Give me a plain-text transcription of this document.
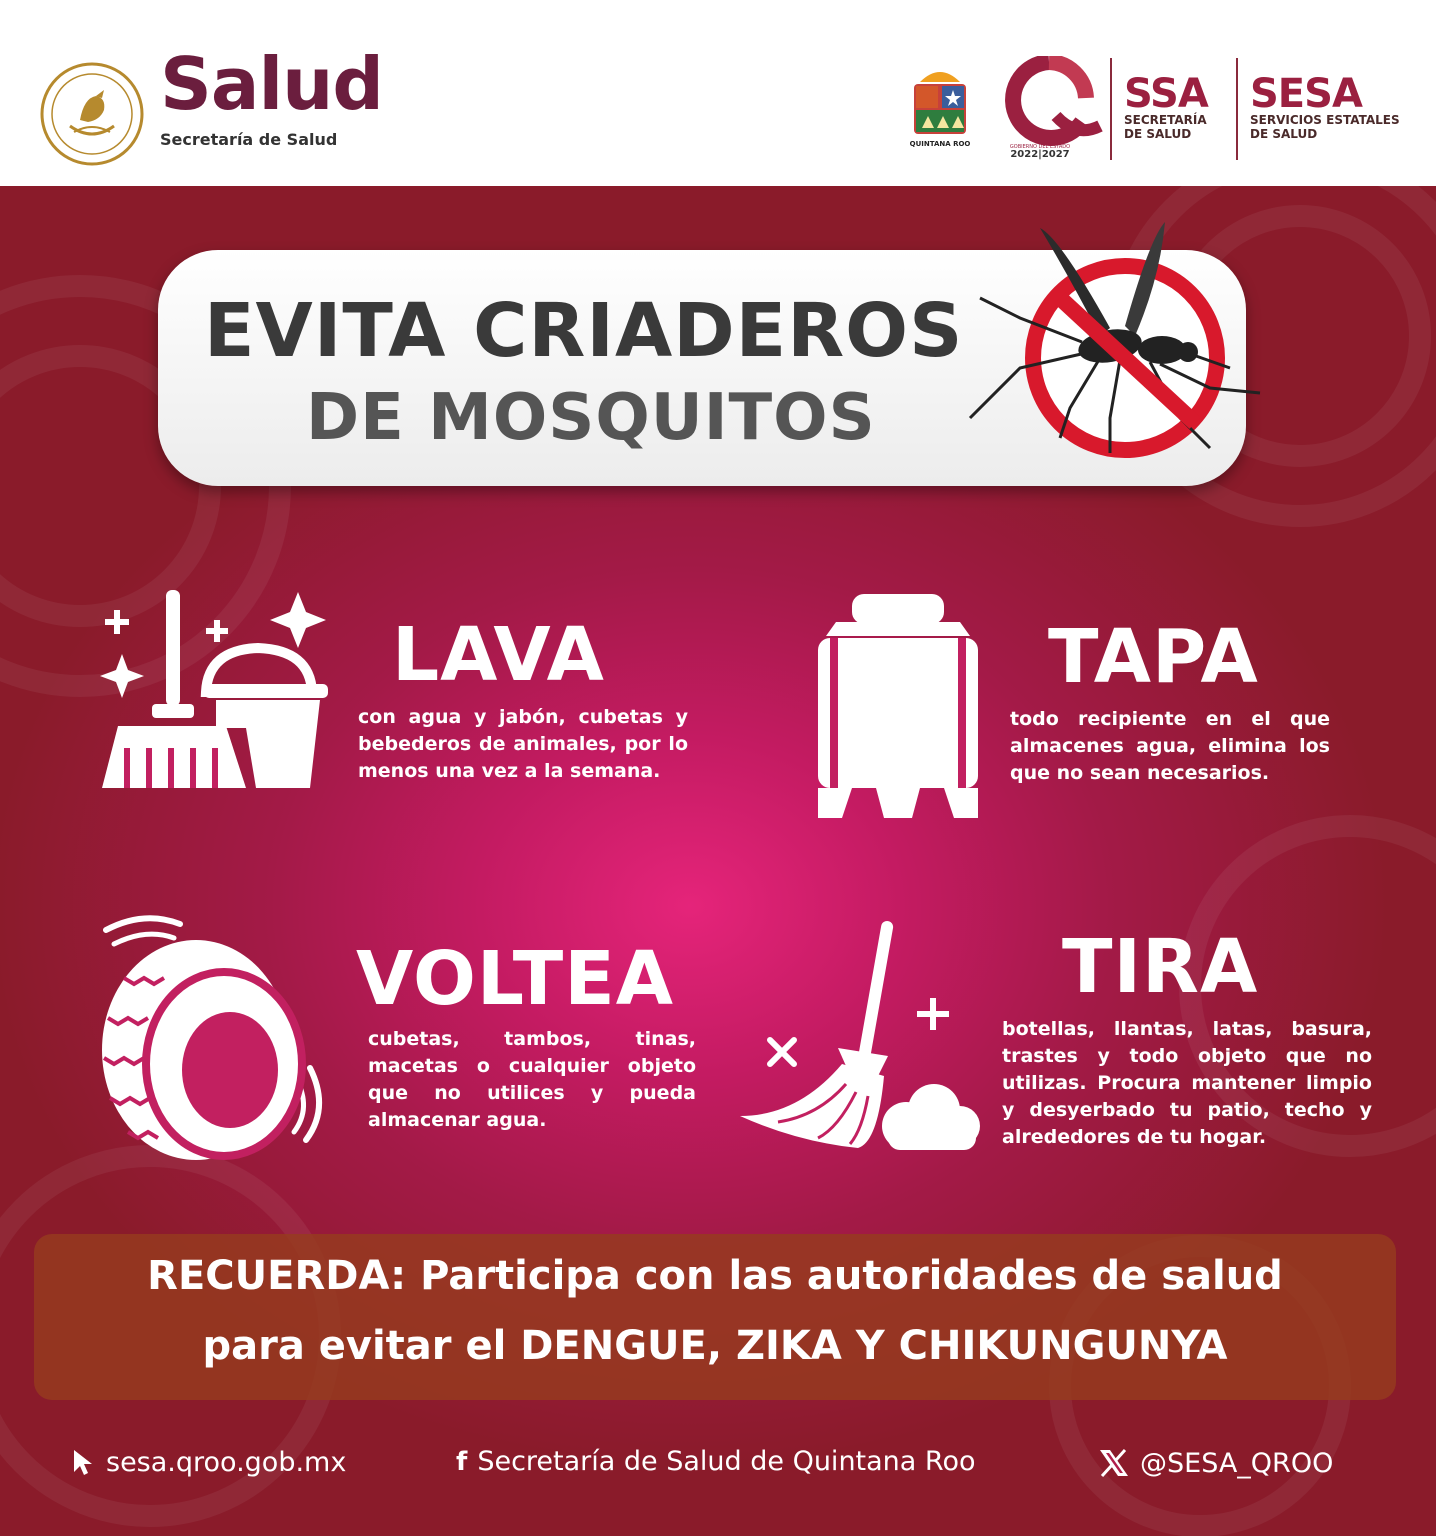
Salud
Secretaría de Salud	QUINTANA ROO	GOBIERNO DEL ESTADO
2022|2027
SSA
SECRETARÍA
DE SALUD
SESA
SERVICIOS ESTATALES
DE SALUD
EVITA CRIADEROS
DE MOSQUITOS
LAVA
con agua y jabón, cubetas y bebederos de animales, por lo menos una vez a la semana.
TAPA
todo recipiente en el que almacenes agua, elimina los que no sean necesarios.
VOLTEA
cubetas, tambos, tinas, macetas o cualquier objeto que no utilices y pueda almacenar agua.
TIRA
botellas, llantas, latas, basura, trastes y todo objeto que no utilizas. Procura mantener limpio y desyerbado tu patio, techo y alrededores de tu hogar.
RECUERDA: Participa con las autoridades de salud
para evitar el DENGUE, ZIKA Y CHIKUNGUNYA
sesa.qroo.gob.mx	f Secretaría de Salud de Quintana Roo	@SESA_QROO
